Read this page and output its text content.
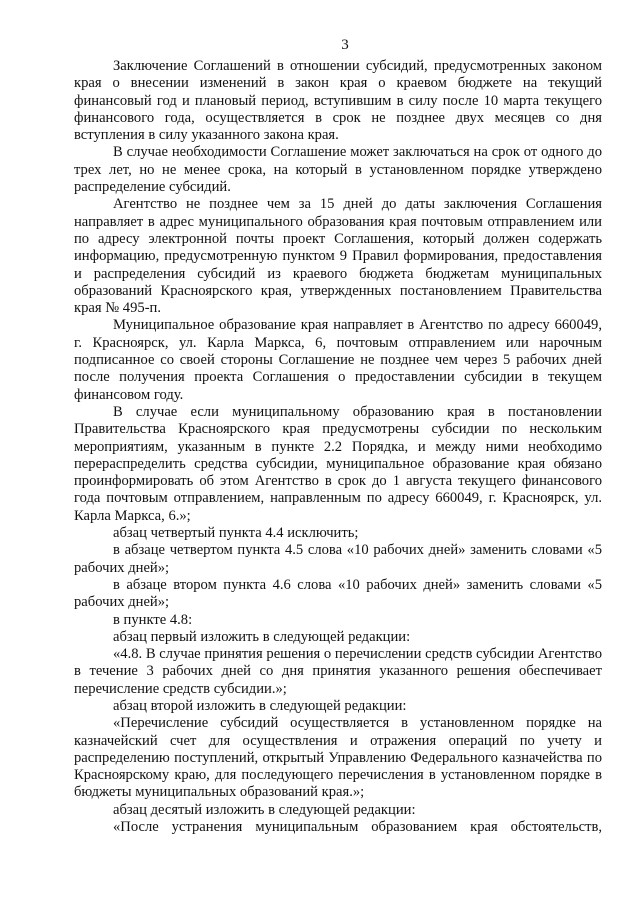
3

Заключение Соглашений в отношении субсидий, предусмотренных законом края о внесении изменений в закон края о краевом бюджете на текущий финансовый год и плановый период, вступившим в силу после 10 марта текущего финансового года, осуществляется в срок не позднее двух месяцев со дня вступления в силу указанного закона края.

В случае необходимости Соглашение может заключаться на срок от одного до трех лет, но не менее срока, на который в установленном порядке утверждено распределение субсидий.

Агентство не позднее чем за 15 дней до даты заключения Соглашения направляет в адрес муниципального образования края почтовым отправлением или по адресу электронной почты проект Соглашения, который должен содержать информацию, предусмотренную пунктом 9 Правил формирования, предоставления и распределения субсидий из краевого бюджета бюджетам муниципальных образований Красноярского края, утвержденных постановлением Правительства края № 495-п.

Муниципальное образование края направляет в Агентство по адресу 660049, г. Красноярск, ул. Карла Маркса, 6, почтовым отправлением или нарочным подписанное со своей стороны Соглашение не позднее чем через 5 рабочих дней после получения проекта Соглашения о предоставлении субсидии в текущем финансовом году.

В случае если муниципальному образованию края в постановлении Правительства Красноярского края предусмотрены субсидии по нескольким мероприятиям, указанным в пункте 2.2 Порядка, и между ними необходимо перераспределить средства субсидии, муниципальное образование края обязано проинформировать об этом Агентство в срок до 1 августа текущего финансового года почтовым отправлением, направленным по адресу 660049, г. Красноярск, ул. Карла Маркса, 6.»;

абзац четвертый пункта 4.4 исключить;

в абзаце четвертом пункта 4.5 слова «10 рабочих дней» заменить словами «5 рабочих дней»;

в абзаце втором пункта 4.6 слова «10 рабочих дней» заменить словами «5 рабочих дней»;

в пункте 4.8:

абзац первый изложить в следующей редакции:

«4.8. В случае принятия решения о перечислении средств субсидии Агентство в течение 3 рабочих дней со дня принятия указанного решения обеспечивает перечисление средств субсидии.»;

абзац второй изложить в следующей редакции:

«Перечисление субсидий осуществляется в установленном порядке на казначейский счет для осуществления и отражения операций по учету и распределению поступлений, открытый Управлению Федерального казначейства по Красноярскому краю, для последующего перечисления в установленном порядке в бюджеты муниципальных образований края.»;

абзац десятый изложить в следующей редакции:

«После устранения муниципальным образованием края обстоятельств,
